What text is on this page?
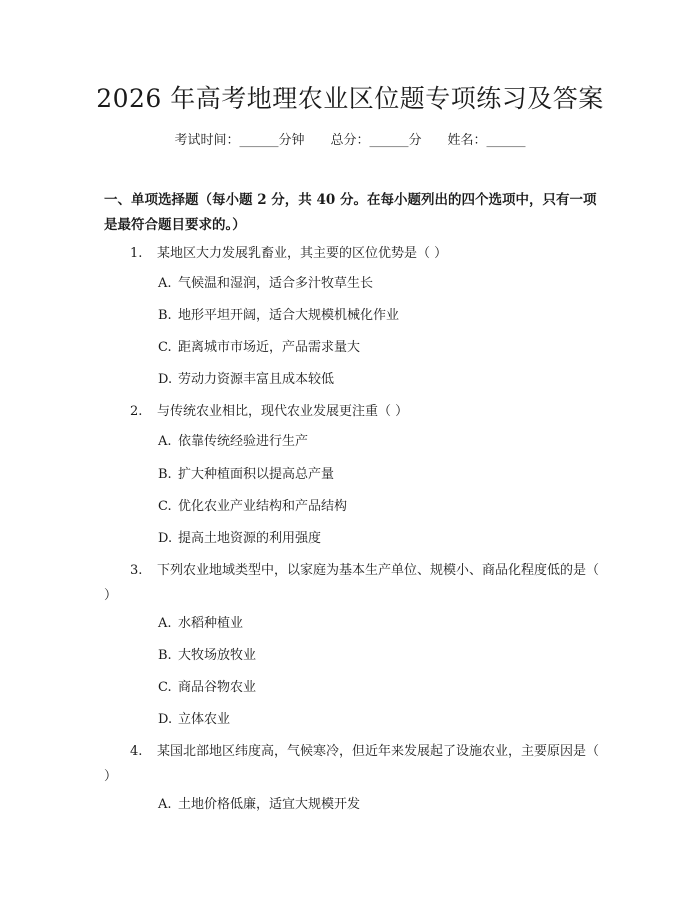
2026 年高考地理农业区位题专项练习及答案
考试时间：______分钟 总分：______分 姓名：______
一、单项选择题（每小题 2 分，共 40 分。在每小题列出的四个选项中，只有一项是最符合题目要求的。）
1. 某地区大力发展乳畜业，其主要的区位优势是（ ）
A. 气候温和湿润，适合多汁牧草生长
B. 地形平坦开阔，适合大规模机械化作业
C. 距离城市市场近，产品需求量大
D. 劳动力资源丰富且成本较低
2. 与传统农业相比，现代农业发展更注重（ ）
A. 依靠传统经验进行生产
B. 扩大种植面积以提高总产量
C. 优化农业产业结构和产品结构
D. 提高土地资源的利用强度
3. 下列农业地域类型中，以家庭为基本生产单位、规模小、商品化程度低的是（ ）
A. 水稻种植业
B. 大牧场放牧业
C. 商品谷物农业
D. 立体农业
4. 某国北部地区纬度高，气候寒冷，但近年来发展起了设施农业，主要原因是（ ）
A. 土地价格低廉，适宜大规模开发
